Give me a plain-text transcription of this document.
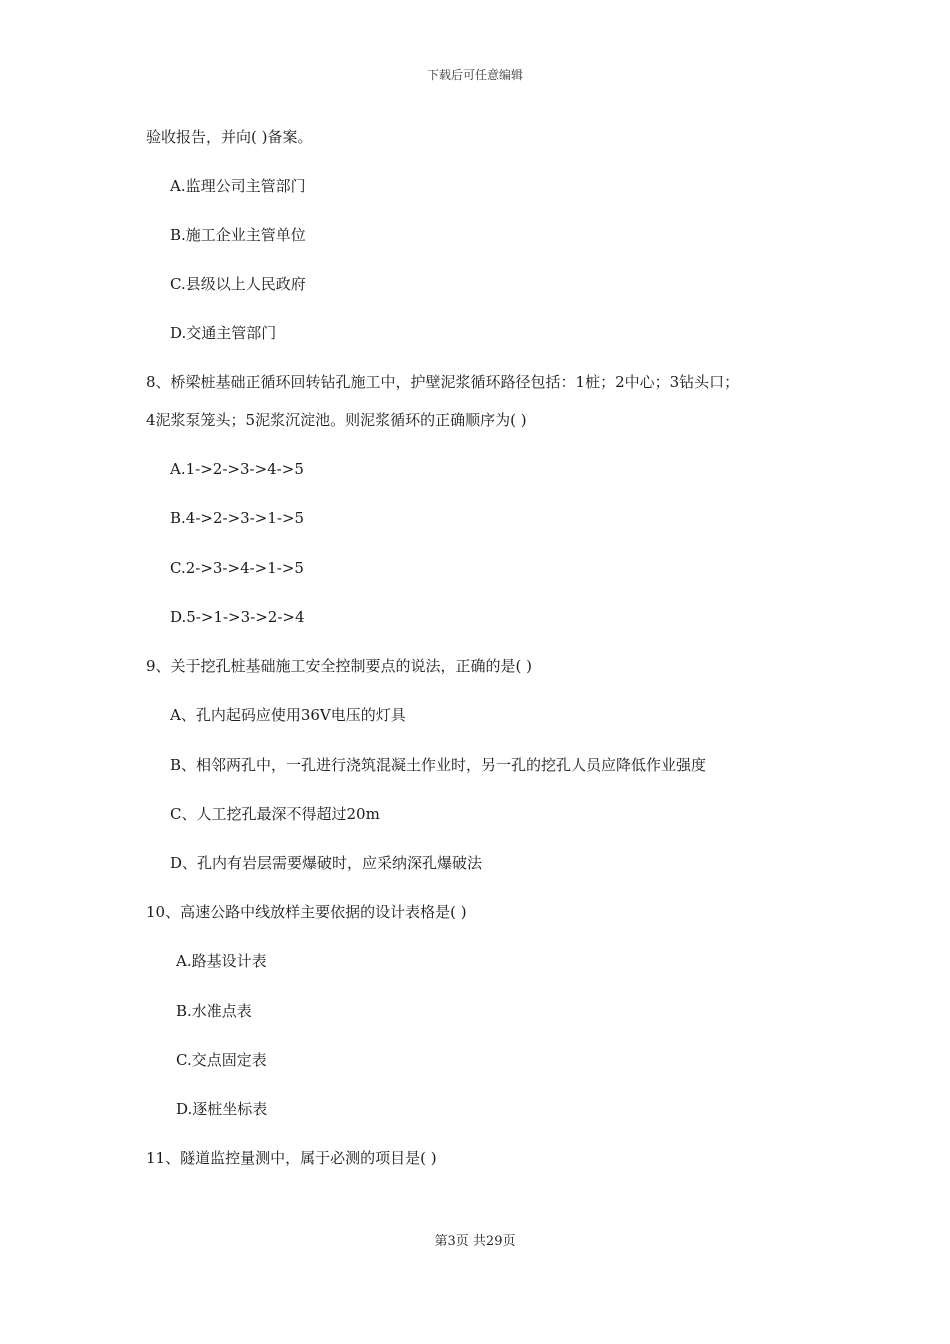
下载后可任意编辑
验收报告，并向( )备案。
A.监理公司主管部门
B.施工企业主管单位
C.县级以上人民政府
D.交通主管部门
8、桥梁桩基础正循环回转钻孔施工中，护壁泥浆循环路径包括：1桩；2中心；3钻头口；
4泥浆泵笼头；5泥浆沉淀池。则泥浆循环的正确顺序为( )
A.1->2->3->4->5
B.4->2->3->1->5
C.2->3->4->1->5
D.5->1->3->2->4
9、关于挖孔桩基础施工安全控制要点的说法，正确的是( )
A、孔内起码应使用36V电压的灯具
B、相邻两孔中，一孔进行浇筑混凝土作业时，另一孔的挖孔人员应降低作业强度
C、人工挖孔最深不得超过20m
D、孔内有岩层需要爆破时，应采纳深孔爆破法
10、高速公路中线放样主要依据的设计表格是( )
A.路基设计表
B.水准点表
C.交点固定表
D.逐桩坐标表
11、隧道监控量测中，属于必测的项目是( )
第3页 共29页
